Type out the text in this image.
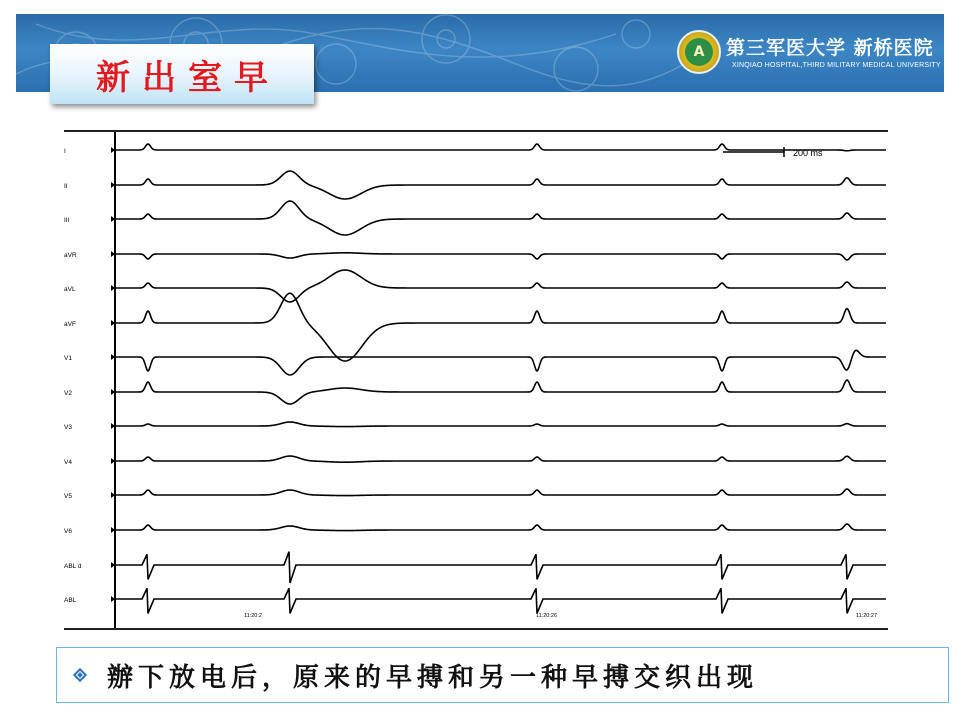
新出室早
A	第三军医大学 新桥医院
XINQIAO HOSPITAL,THIRD MILITARY MEDICAL UNIVERSITY
I
II
III
aVR
aVL
aVF
V1
V2
V3
V4
V5
V6
ABL d
ABL
200 ms
11:20:2	11:20:26	11:20:27
辦下放电后，原来的早搏和另一种早搏交织出现
